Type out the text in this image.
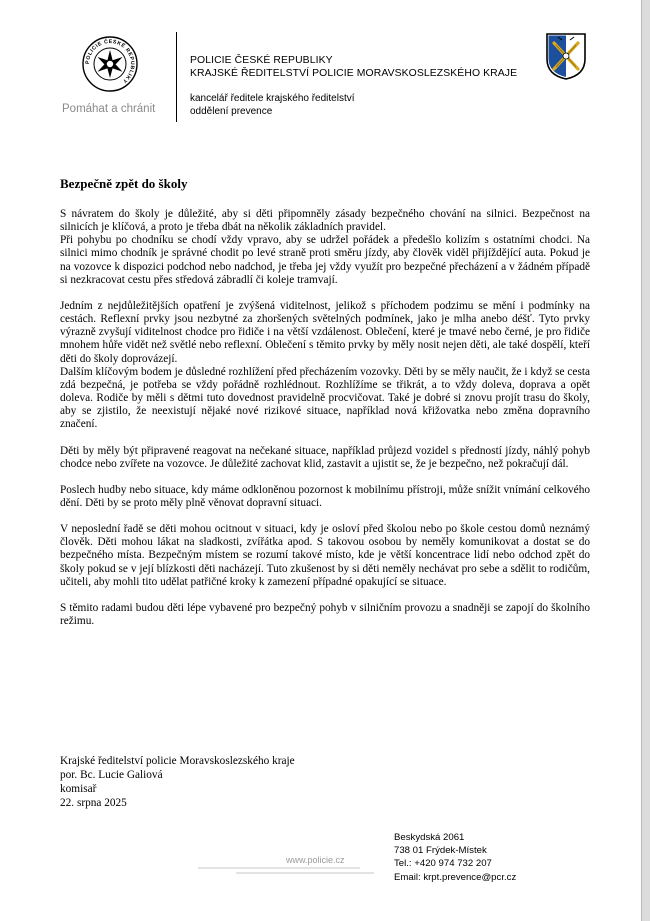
POLICIE ČESKÉ REPUBLIKY
Pomáhat a chránit
POLICIE ČESKÉ REPUBLIKY
KRAJSKÉ ŘEDITELSTVÍ POLICIE MORAVSKOSLEZSKÉHO KRAJE
kancelář ředitele krajského ředitelství
oddělení prevence
Bezpečně zpět do školy

S návratem do školy je důležité, aby si děti připomněly zásady bezpečného chování na silnici. Bezpečnost na silnicích je klíčová, a proto je třeba dbát na několik základních pravidel.

Při pohybu po chodníku se chodí vždy vpravo, aby se udržel pořádek a předešlo kolizím s ostatními chodci. Na silnici mimo chodník je správné chodit po levé straně proti směru jízdy, aby člověk viděl přijíždějící auta. Pokud je na vozovce k dispozici podchod nebo nadchod, je třeba jej vždy využít pro bezpečné přecházení a v žádném případě si nezkracovat cestu přes středová zábradlí či koleje tramvají.

Jedním z nejdůležitějších opatření je zvýšená viditelnost, jelikož s příchodem podzimu se mění i podmínky na cestách. Reflexní prvky jsou nezbytné za zhoršených světelných podmínek, jako je mlha anebo déšť. Tyto prvky výrazně zvyšují viditelnost chodce pro řidiče i na větší vzdálenost. Oblečení, které je tmavé nebo černé, je pro řidiče mnohem hůře vidět než světlé nebo reflexní. Oblečení s těmito prvky by měly nosit nejen děti, ale také dospělí, kteří děti do školy doprovázejí.

Dalším klíčovým bodem je důsledné rozhlížení před přecházením vozovky. Děti by se měly naučit, že i když se cesta zdá bezpečná, je potřeba se vždy pořádně rozhlédnout. Rozhlížíme se třikrát, a to vždy doleva, doprava a opět doleva. Rodiče by měli s dětmi tuto dovednost pravidelně procvičovat. Také je dobré si znovu projít trasu do školy, aby se zjistilo, že neexistují nějaké nové rizikové situace, například nová křižovatka nebo změna dopravního značení.

Děti by měly být připravené reagovat na nečekané situace, například průjezd vozidel s předností jízdy, náhlý pohyb chodce nebo zvířete na vozovce. Je důležité zachovat klid, zastavit a ujistit se, že je bezpečno, než pokračují dál.

Poslech hudby nebo situace, kdy máme odkloněnou pozornost k mobilnímu přístroji, může snížit vnímání celkového dění. Děti by se proto měly plně věnovat dopravní situaci.

V neposlední řadě se děti mohou ocitnout v situaci, kdy je osloví před školou nebo po škole cestou domů neznámý člověk. Děti mohou lákat na sladkosti, zvířátka apod. S takovou osobou by neměly komunikovat a dostat se do bezpečného místa. Bezpečným místem se rozumí takové místo, kde je větší koncentrace lidí nebo odchod zpět do školy pokud se v její blízkosti děti nacházejí. Tuto zkušenost by si děti neměly nechávat pro sebe a sdělit to rodičům, učiteli, aby mohli tito udělat patřičné kroky k zamezení případné opakující se situace.

S těmito radami budou děti lépe vybavené pro bezpečný pohyb v silničním provozu a snadněji se zapojí do školního režimu.

Krajské ředitelství policie Moravskoslezského kraje
por. Bc. Lucie Galiová
komisař
22. srpna 2025
www.policie.cz
Beskydská 2061
738 01 Frýdek-Místek
Tel.: +420 974 732 207
Email: krpt.prevence@pcr.cz
